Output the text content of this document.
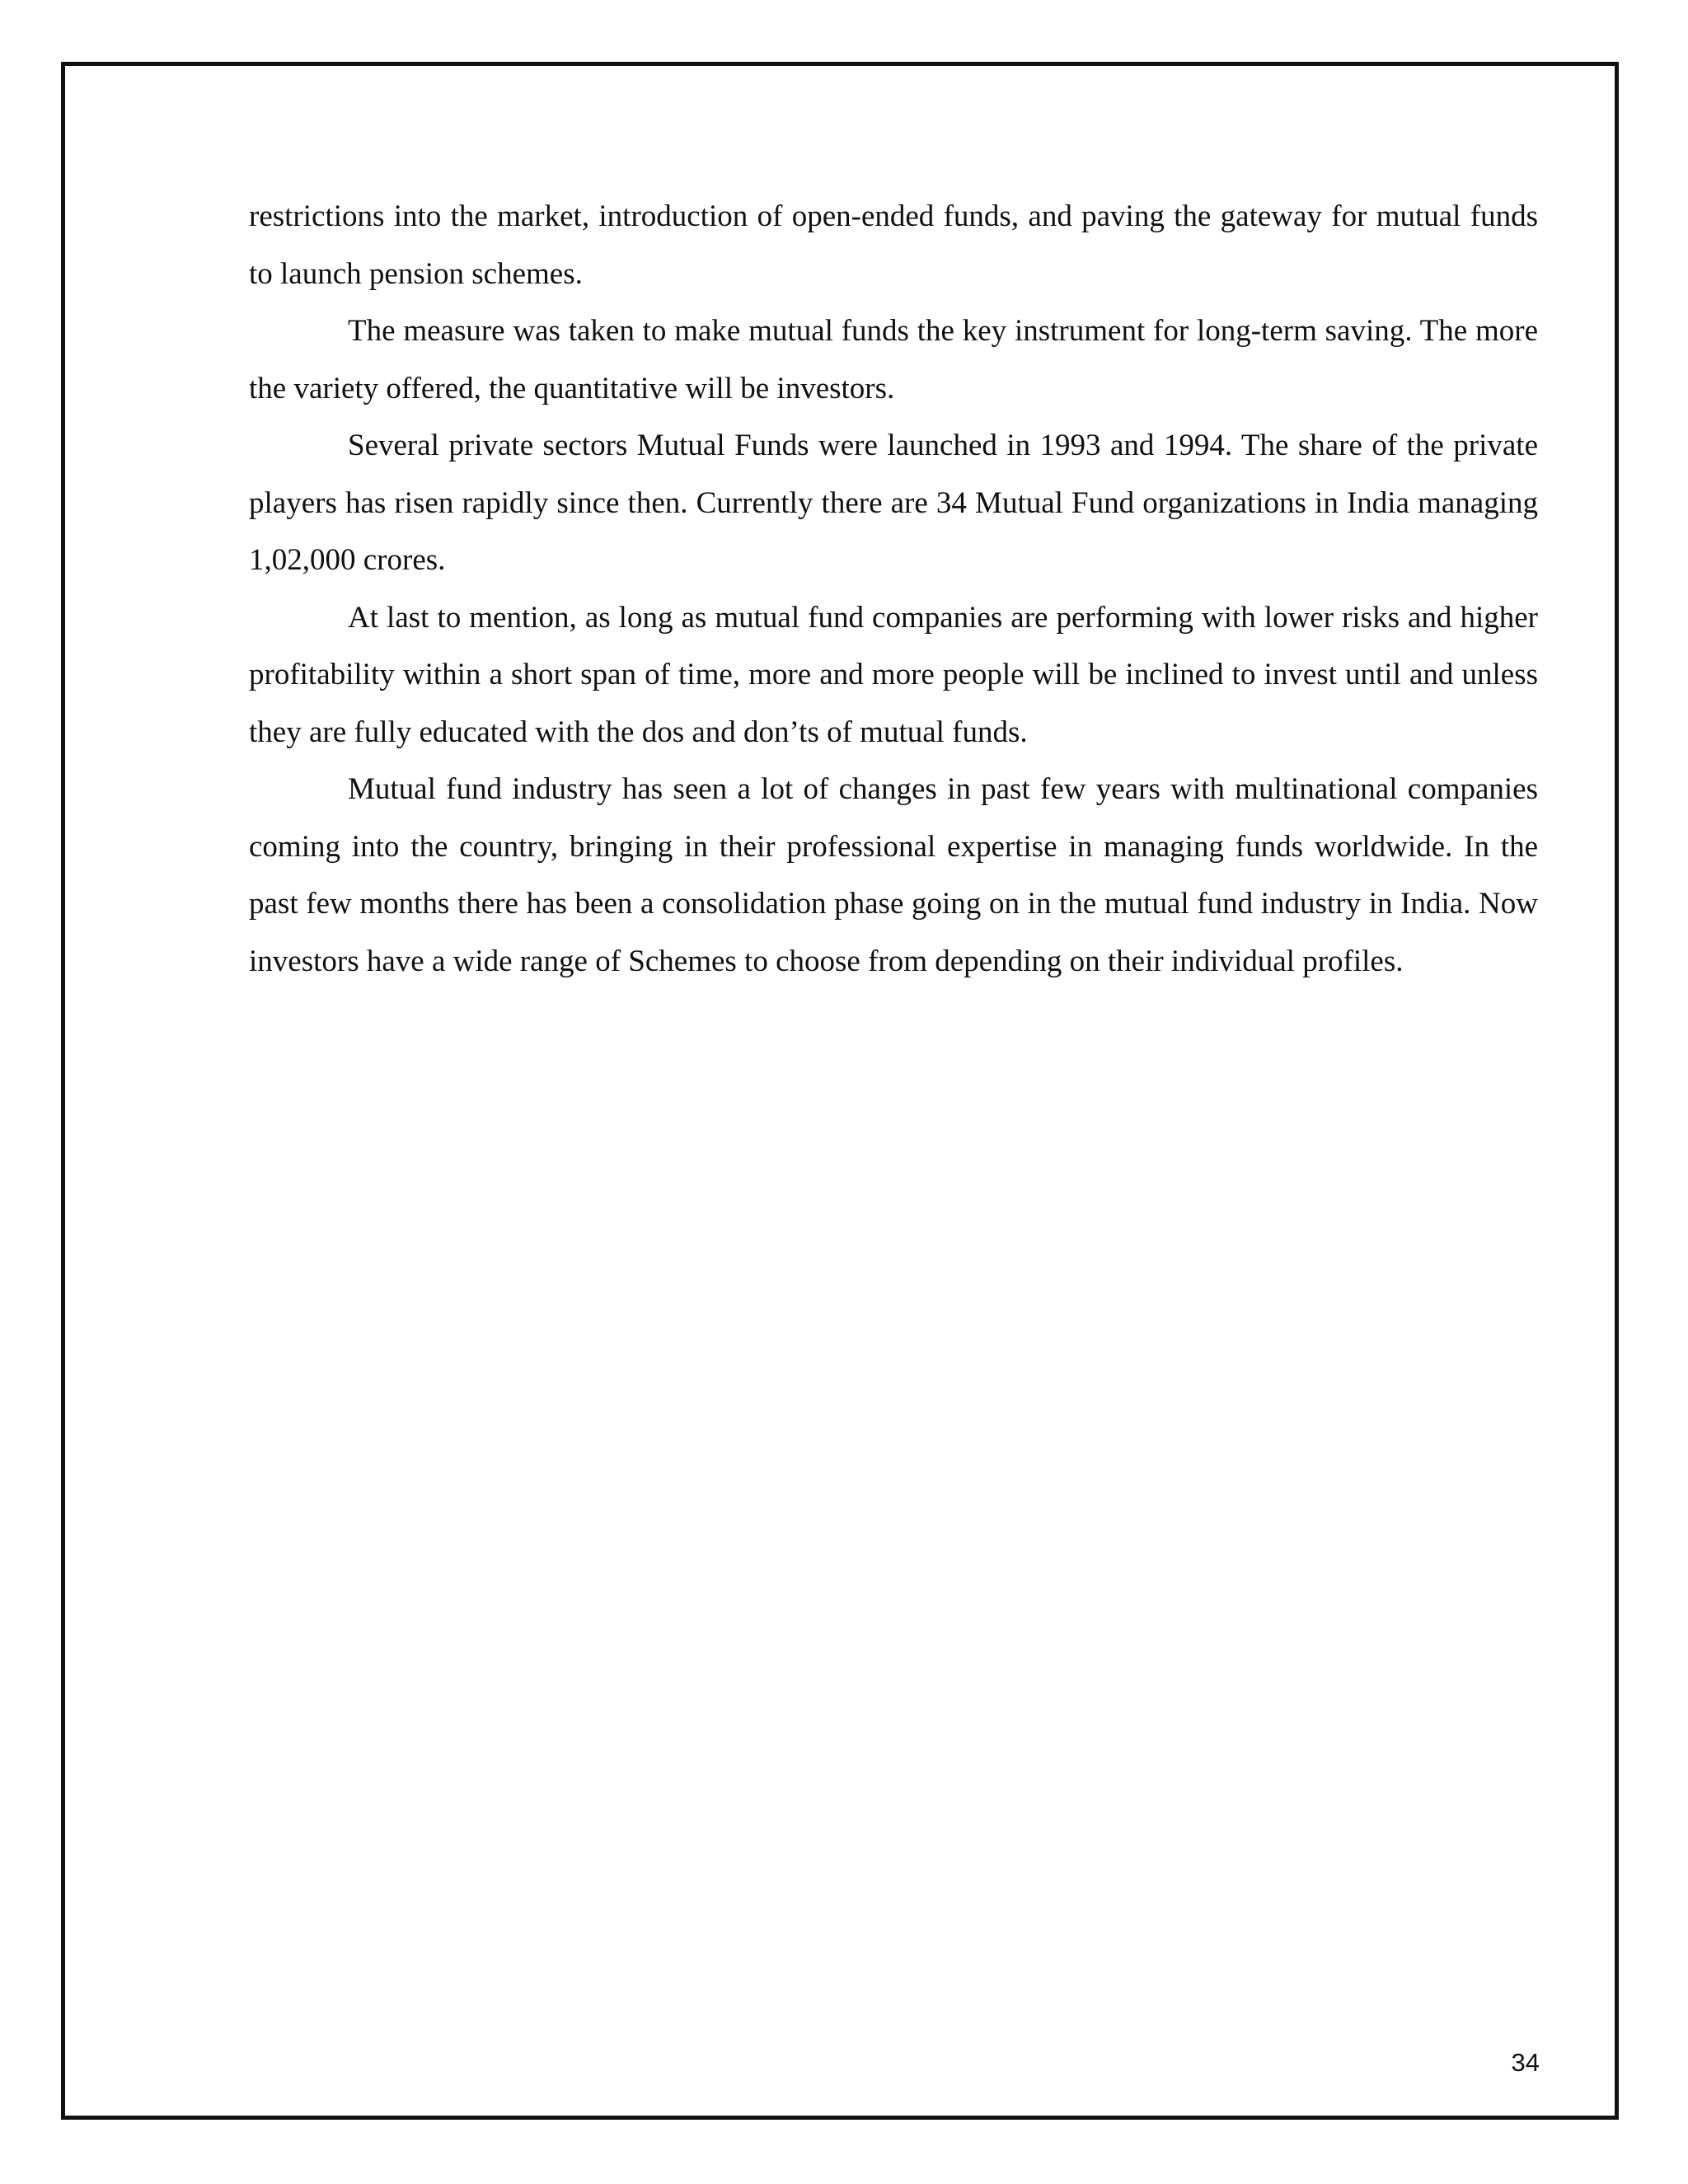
restrictions into the market, introduction of open-ended funds, and paving the gateway for mutual funds to launch pension schemes.

The measure was taken to make mutual funds the key instrument for long-term saving. The more the variety offered, the quantitative will be investors.

Several private sectors Mutual Funds were launched in 1993 and 1994. The share of the private players has risen rapidly since then. Currently there are 34 Mutual Fund organizations in India managing 1,02,000 crores.

At last to mention, as long as mutual fund companies are performing with lower risks and higher profitability within a short span of time, more and more people will be inclined to invest until and unless they are fully educated with the dos and don’ts of mutual funds.

Mutual fund industry has seen a lot of changes in past few years with multinational companies coming into the country, bringing in their professional expertise in managing funds worldwide. In the past few months there has been a consolidation phase going on in the mutual fund industry in India. Now investors have a wide range of Schemes to choose from depending on their individual profiles.

34
